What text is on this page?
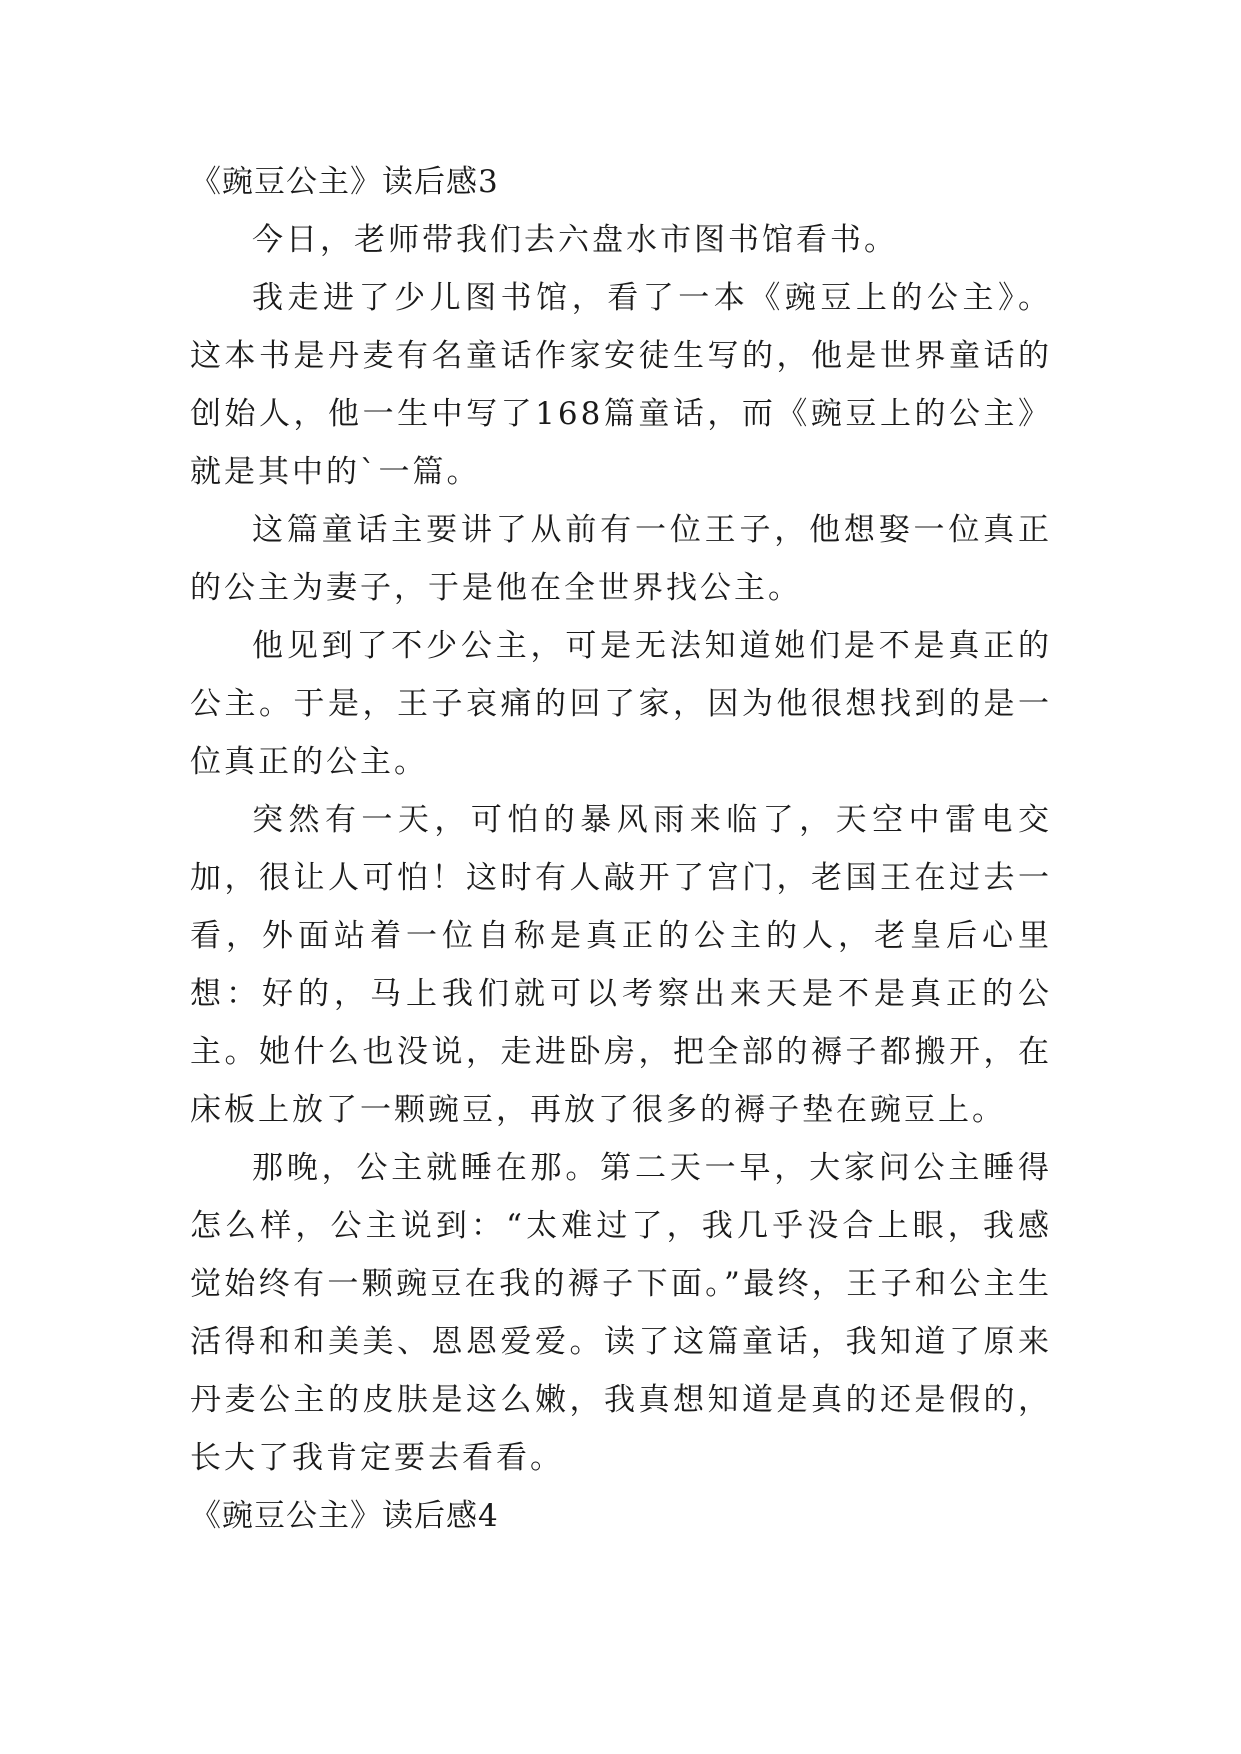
《豌豆公主》读后感3

今日，老师带我们去六盘水市图书馆看书。

我走进了少儿图书馆，看了一本《豌豆上的公主》。这本书是丹麦有名童话作家安徒生写的，他是世界童话的创始人，他一生中写了168篇童话，而《豌豆上的公主》就是其中的`一篇。

这篇童话主要讲了从前有一位王子，他想娶一位真正的公主为妻子，于是他在全世界找公主。

他见到了不少公主，可是无法知道她们是不是真正的公主。于是，王子哀痛的回了家，因为他很想找到的是一位真正的公主。

突然有一天，可怕的暴风雨来临了，天空中雷电交加，很让人可怕！这时有人敲开了宫门，老国王在过去一看，外面站着一位自称是真正的公主的人，老皇后心里想：好的，马上我们就可以考察出来天是不是真正的公主。她什么也没说，走进卧房，把全部的褥子都搬开，在床板上放了一颗豌豆，再放了很多的褥子垫在豌豆上。

那晚，公主就睡在那。第二天一早，大家问公主睡得怎么样，公主说到：“太难过了，我几乎没合上眼，我感觉始终有一颗豌豆在我的褥子下面。”最终，王子和公主生活得和和美美、恩恩爱爱。读了这篇童话，我知道了原来丹麦公主的皮肤是这么嫩，我真想知道是真的还是假的，长大了我肯定要去看看。

《豌豆公主》读后感4
